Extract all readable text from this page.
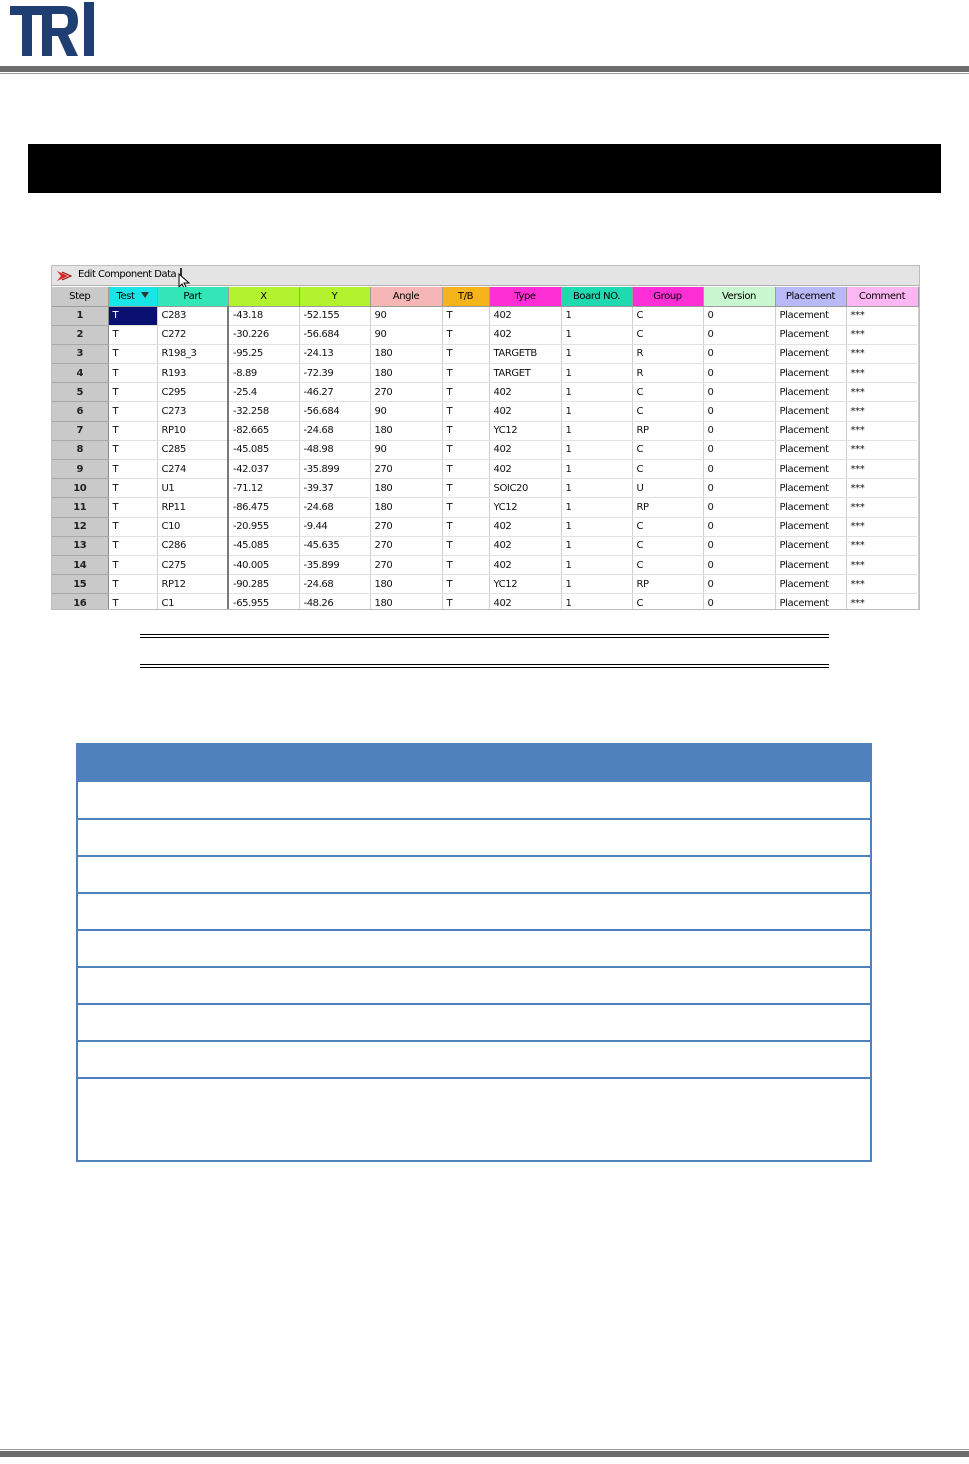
Edit Component Data
Step	Test	Part	X	Y	Angle	T/B	Type	Board NO.	Group	Version	Placement	Comment
1	T	C283	-43.18	-52.155	90	T	402	1	C	0	Placement	***
2	T	C272	-30.226	-56.684	90	T	402	1	C	0	Placement	***
3	T	R198_3	-95.25	-24.13	180	T	TARGETB	1	R	0	Placement	***
4	T	R193	-8.89	-72.39	180	T	TARGET	1	R	0	Placement	***
5	T	C295	-25.4	-46.27	270	T	402	1	C	0	Placement	***
6	T	C273	-32.258	-56.684	90	T	402	1	C	0	Placement	***
7	T	RP10	-82.665	-24.68	180	T	YC12	1	RP	0	Placement	***
8	T	C285	-45.085	-48.98	90	T	402	1	C	0	Placement	***
9	T	C274	-42.037	-35.899	270	T	402	1	C	0	Placement	***
10	T	U1	-71.12	-39.37	180	T	SOIC20	1	U	0	Placement	***
11	T	RP11	-86.475	-24.68	180	T	YC12	1	RP	0	Placement	***
12	T	C10	-20.955	-9.44	270	T	402	1	C	0	Placement	***
13	T	C286	-45.085	-45.635	270	T	402	1	C	0	Placement	***
14	T	C275	-40.005	-35.899	270	T	402	1	C	0	Placement	***
15	T	RP12	-90.285	-24.68	180	T	YC12	1	RP	0	Placement	***
16	T	C1	-65.955	-48.26	180	T	402	1	C	0	Placement	***
